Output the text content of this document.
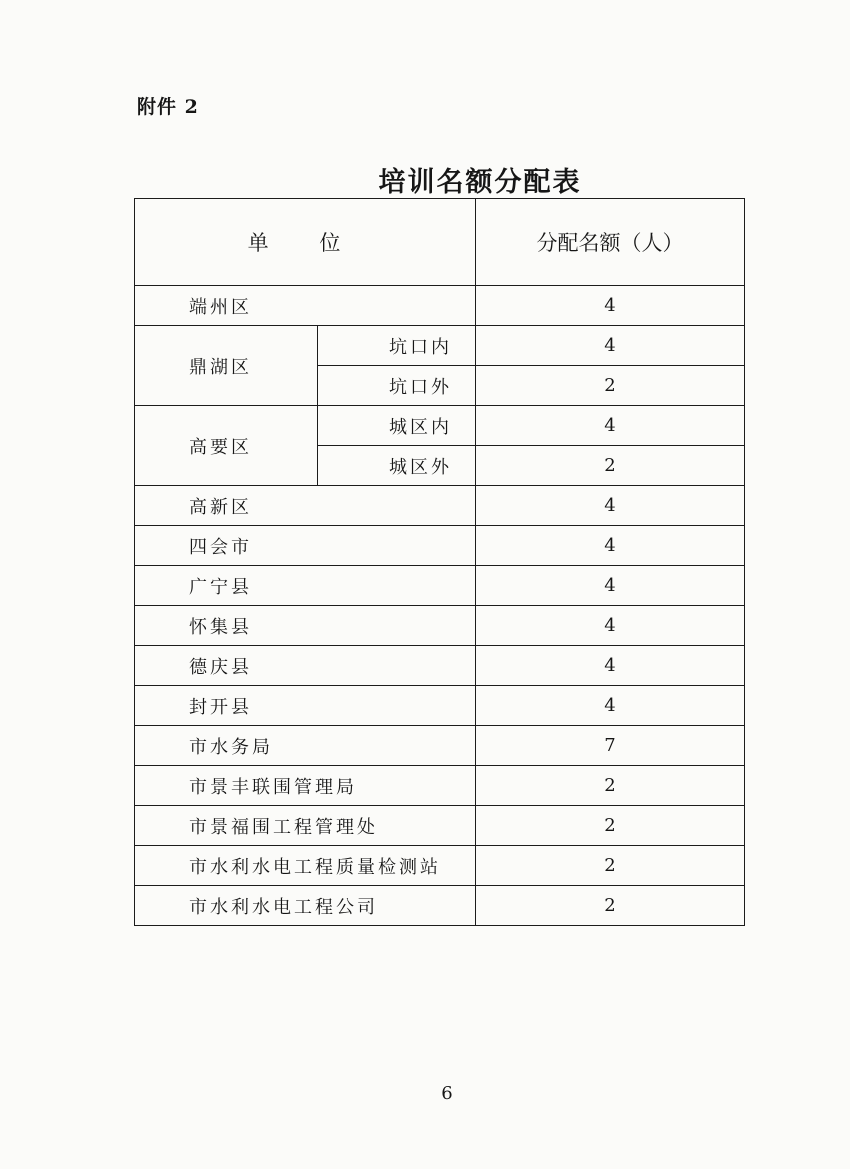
附件 2
培训名额分配表
单 位		分配名额（人）
端州区		4
鼎湖区	坑口内	4
	坑口外	2
高要区	城区内	4
	城区外	2
高新区		4
四会市		4
广宁县		4
怀集县		4
德庆县		4
封开县		4
市水务局		7
市景丰联围管理局		2
市景福围工程管理处		2
市水利水电工程质量检测站		2
市水利水电工程公司		2
6
